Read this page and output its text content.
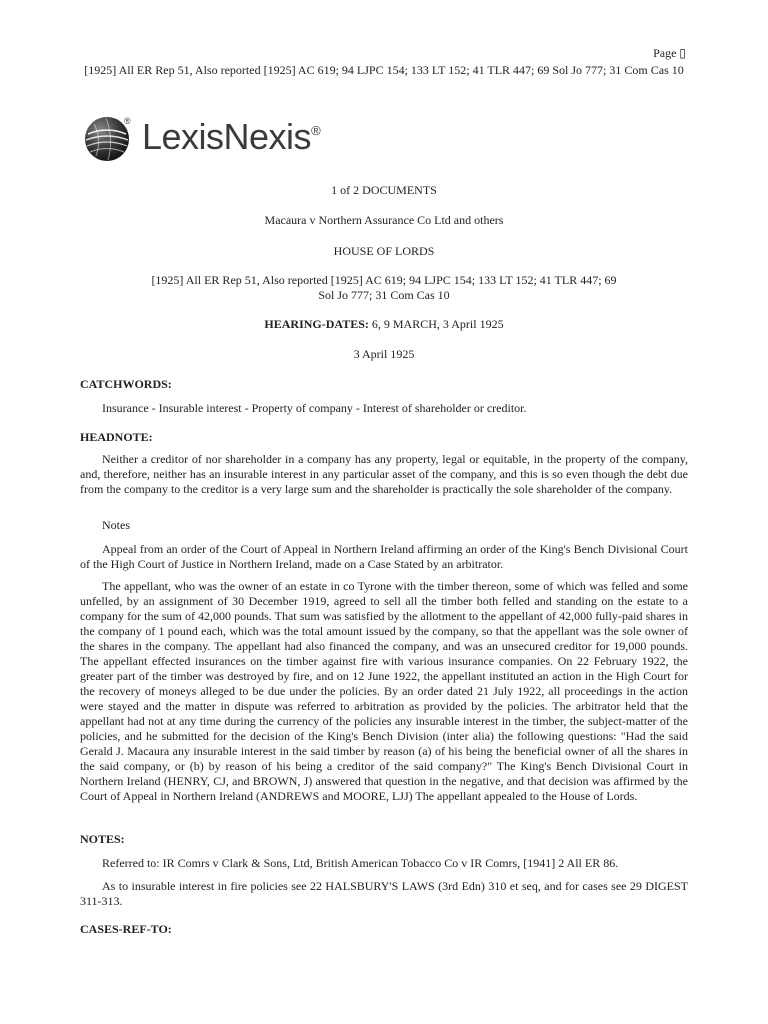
Page ▯
[1925] All ER Rep 51, Also reported [1925] AC 619; 94 LJPC 154; 133 LT 152; 41 TLR 447; 69 Sol Jo 777; 31 Com Cas 10
® LexisNexis®
1 of 2 DOCUMENTS
Macaura v Northern Assurance Co Ltd and others
HOUSE OF LORDS
[1925] All ER Rep 51, Also reported [1925] AC 619; 94 LJPC 154; 133 LT 152; 41 TLR 447; 69 Sol Jo 777; 31 Com Cas 10
HEARING-DATES: 6, 9 MARCH, 3 April 1925
3 April 1925
CATCHWORDS:

Insurance - Insurable interest - Property of company - Interest of shareholder or creditor.

HEADNOTE:

Neither a creditor of nor shareholder in a company has any property, legal or equitable, in the property of the company, and, therefore, neither has an insurable interest in any particular asset of the company, and this is so even though the debt due from the company to the creditor is a very large sum and the shareholder is practically the sole shareholder of the company.

Notes

Appeal from an order of the Court of Appeal in Northern Ireland affirming an order of the King's Bench Divisional Court of the High Court of Justice in Northern Ireland, made on a Case Stated by an arbitrator.

The appellant, who was the owner of an estate in co Tyrone with the timber thereon, some of which was felled and some unfelled, by an assignment of 30 December 1919, agreed to sell all the timber both felled and standing on the estate to a company for the sum of 42,000 pounds. That sum was satisfied by the allotment to the appellant of 42,000 fully-paid shares in the company of 1 pound each, which was the total amount issued by the company, so that the appellant was the sole owner of the shares in the company. The appellant had also financed the company, and was an unsecured creditor for 19,000 pounds. The appellant effected insurances on the timber against fire with various insurance companies. On 22 February 1922, the greater part of the timber was destroyed by fire, and on 12 June 1922, the appellant instituted an action in the High Court for the recovery of moneys alleged to be due under the policies. By an order dated 21 July 1922, all proceedings in the action were stayed and the matter in dispute was referred to arbitration as provided by the policies. The arbitrator held that the appellant had not at any time during the currency of the policies any insurable interest in the timber, the subject-matter of the policies, and he submitted for the decision of the King's Bench Division (inter alia) the following questions: "Had the said Gerald J. Macaura any insurable interest in the said timber by reason (a) of his being the beneficial owner of all the shares in the said company, or (b) by reason of his being a creditor of the said company?" The King's Bench Divisional Court in Northern Ireland (HENRY, CJ, and BROWN, J) answered that question in the negative, and that decision was affirmed by the Court of Appeal in Northern Ireland (ANDREWS and MOORE, LJJ) The appellant appealed to the House of Lords.

NOTES:

Referred to: IR Comrs v Clark & Sons, Ltd, British American Tobacco Co v IR Comrs, [1941] 2 All ER 86.

As to insurable interest in fire policies see 22 HALSBURY'S LAWS (3rd Edn) 310 et seq, and for cases see 29 DIGEST 311-313.

CASES-REF-TO:
